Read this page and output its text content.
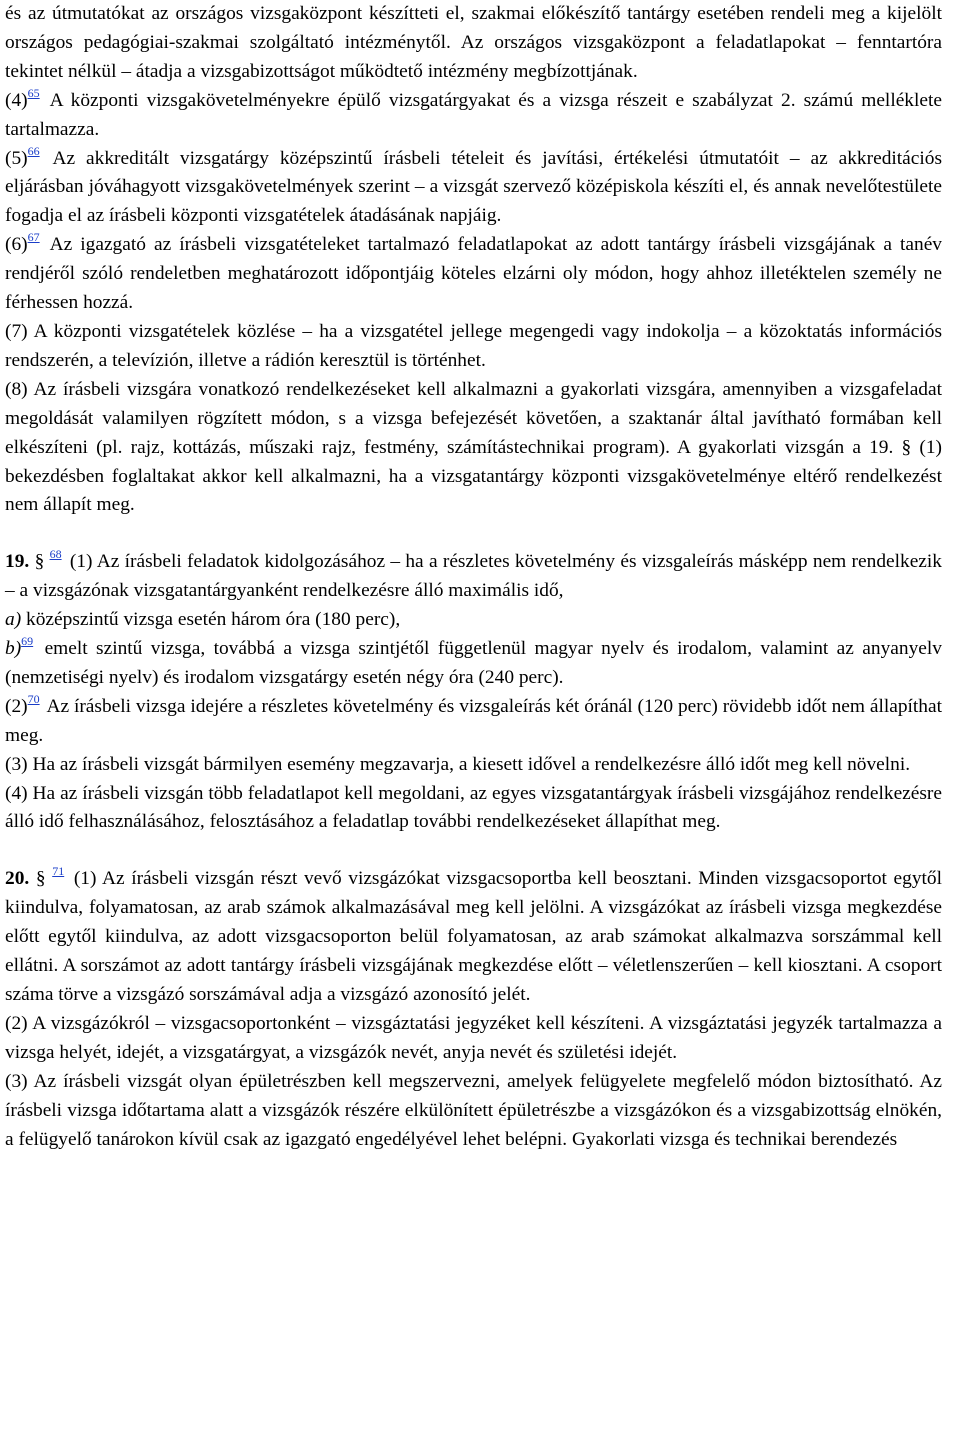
és az útmutatókat az országos vizsgaközpont készítteti el, szakmai előkészítő tantárgy esetében rendeli meg a kijelölt országos pedagógiai-szakmai szolgáltató intézménytől. Az országos vizsgaközpont a feladatlapokat – fenntartóra tekintet nélkül – átadja a vizsgabizottságot működtető intézmény megbízottjának.

(4)$^{65}$ A központi vizsgakövetelményekre épülő vizsgatárgyakat és a vizsga részeit e szabályzat 2. számú melléklete tartalmazza.

(5)$^{66}$ Az akkreditált vizsgatárgy középszintű írásbeli tételeit és javítási, értékelési útmutatóit – az akkreditációs eljárásban jóváhagyott vizsgakövetelmények szerint – a vizsgát szervező középiskola készíti el, és annak nevelőtestülete fogadja el az írásbeli központi vizsgatételek átadásának napjáig.

(6)$^{67}$ Az igazgató az írásbeli vizsgatételeket tartalmazó feladatlapokat az adott tantárgy írásbeli vizsgájának a tanév rendjéről szóló rendeletben meghatározott időpontjáig köteles elzárni oly módon, hogy ahhoz illetéktelen személy ne férhessen hozzá.

(7) A központi vizsgatételek közlése – ha a vizsgatétel jellege megengedi vagy indokolja – a közoktatás információs rendszerén, a televízión, illetve a rádión keresztül is történhet.

(8) Az írásbeli vizsgára vonatkozó rendelkezéseket kell alkalmazni a gyakorlati vizsgára, amennyiben a vizsgafeladat megoldását valamilyen rögzített módon, s a vizsga befejezését követően, a szaktanár által javítható formában kell elkészíteni (pl. rajz, kottázás, műszaki rajz, festmény, számítástechnikai program). A gyakorlati vizsgán a 19. § (1) bekezdésben foglaltakat akkor kell alkalmazni, ha a vizsgatantárgy központi vizsgakövetelménye eltérő rendelkezést nem állapít meg.

19. § $^{68}$ (1) Az írásbeli feladatok kidolgozásához – ha a részletes követelmény és vizsgaleírás másképp nem rendelkezik – a vizsgázónak vizsgatantárgyanként rendelkezésre álló maximális idő,

a) középszintű vizsga esetén három óra (180 perc),

b)$^{69}$ emelt szintű vizsga, továbbá a vizsga szintjétől függetlenül magyar nyelv és irodalom, valamint az anyanyelv (nemzetiségi nyelv) és irodalom vizsgatárgy esetén négy óra (240 perc).

(2)$^{70}$ Az írásbeli vizsga idejére a részletes követelmény és vizsgaleírás két óránál (120 perc) rövidebb időt nem állapíthat meg.

(3) Ha az írásbeli vizsgát bármilyen esemény megzavarja, a kiesett idővel a rendelkezésre álló időt meg kell növelni.

(4) Ha az írásbeli vizsgán több feladatlapot kell megoldani, az egyes vizsgatantárgyak írásbeli vizsgájához rendelkezésre álló idő felhasználásához, felosztásához a feladatlap további rendelkezéseket állapíthat meg.

20. § $^{71}$ (1) Az írásbeli vizsgán részt vevő vizsgázókat vizsgacsoportba kell beosztani. Minden vizsgacsoportot egytől kiindulva, folyamatosan, az arab számok alkalmazásával meg kell jelölni. A vizsgázókat az írásbeli vizsga megkezdése előtt egytől kiindulva, az adott vizsgacsoporton belül folyamatosan, az arab számokat alkalmazva sorszámmal kell ellátni. A sorszámot az adott tantárgy írásbeli vizsgájának megkezdése előtt – véletlenszerűen – kell kiosztani. A csoport száma törve a vizsgázó sorszámával adja a vizsgázó azonosító jelét.

(2) A vizsgázókról – vizsgacsoportonként – vizsgáztatási jegyzéket kell készíteni. A vizsgáztatási jegyzék tartalmazza a vizsga helyét, idejét, a vizsgatárgyat, a vizsgázók nevét, anyja nevét és születési idejét.

(3) Az írásbeli vizsgát olyan épületrészben kell megszervezni, amelyek felügyelete megfelelő módon biztosítható. Az írásbeli vizsga időtartama alatt a vizsgázók részére elkülönített épületrészbe a vizsgázókon és a vizsgabizottság elnökén, a felügyelő tanárokon kívül csak az igazgató engedélyével lehet belépni. Gyakorlati vizsga és technikai berendezés
